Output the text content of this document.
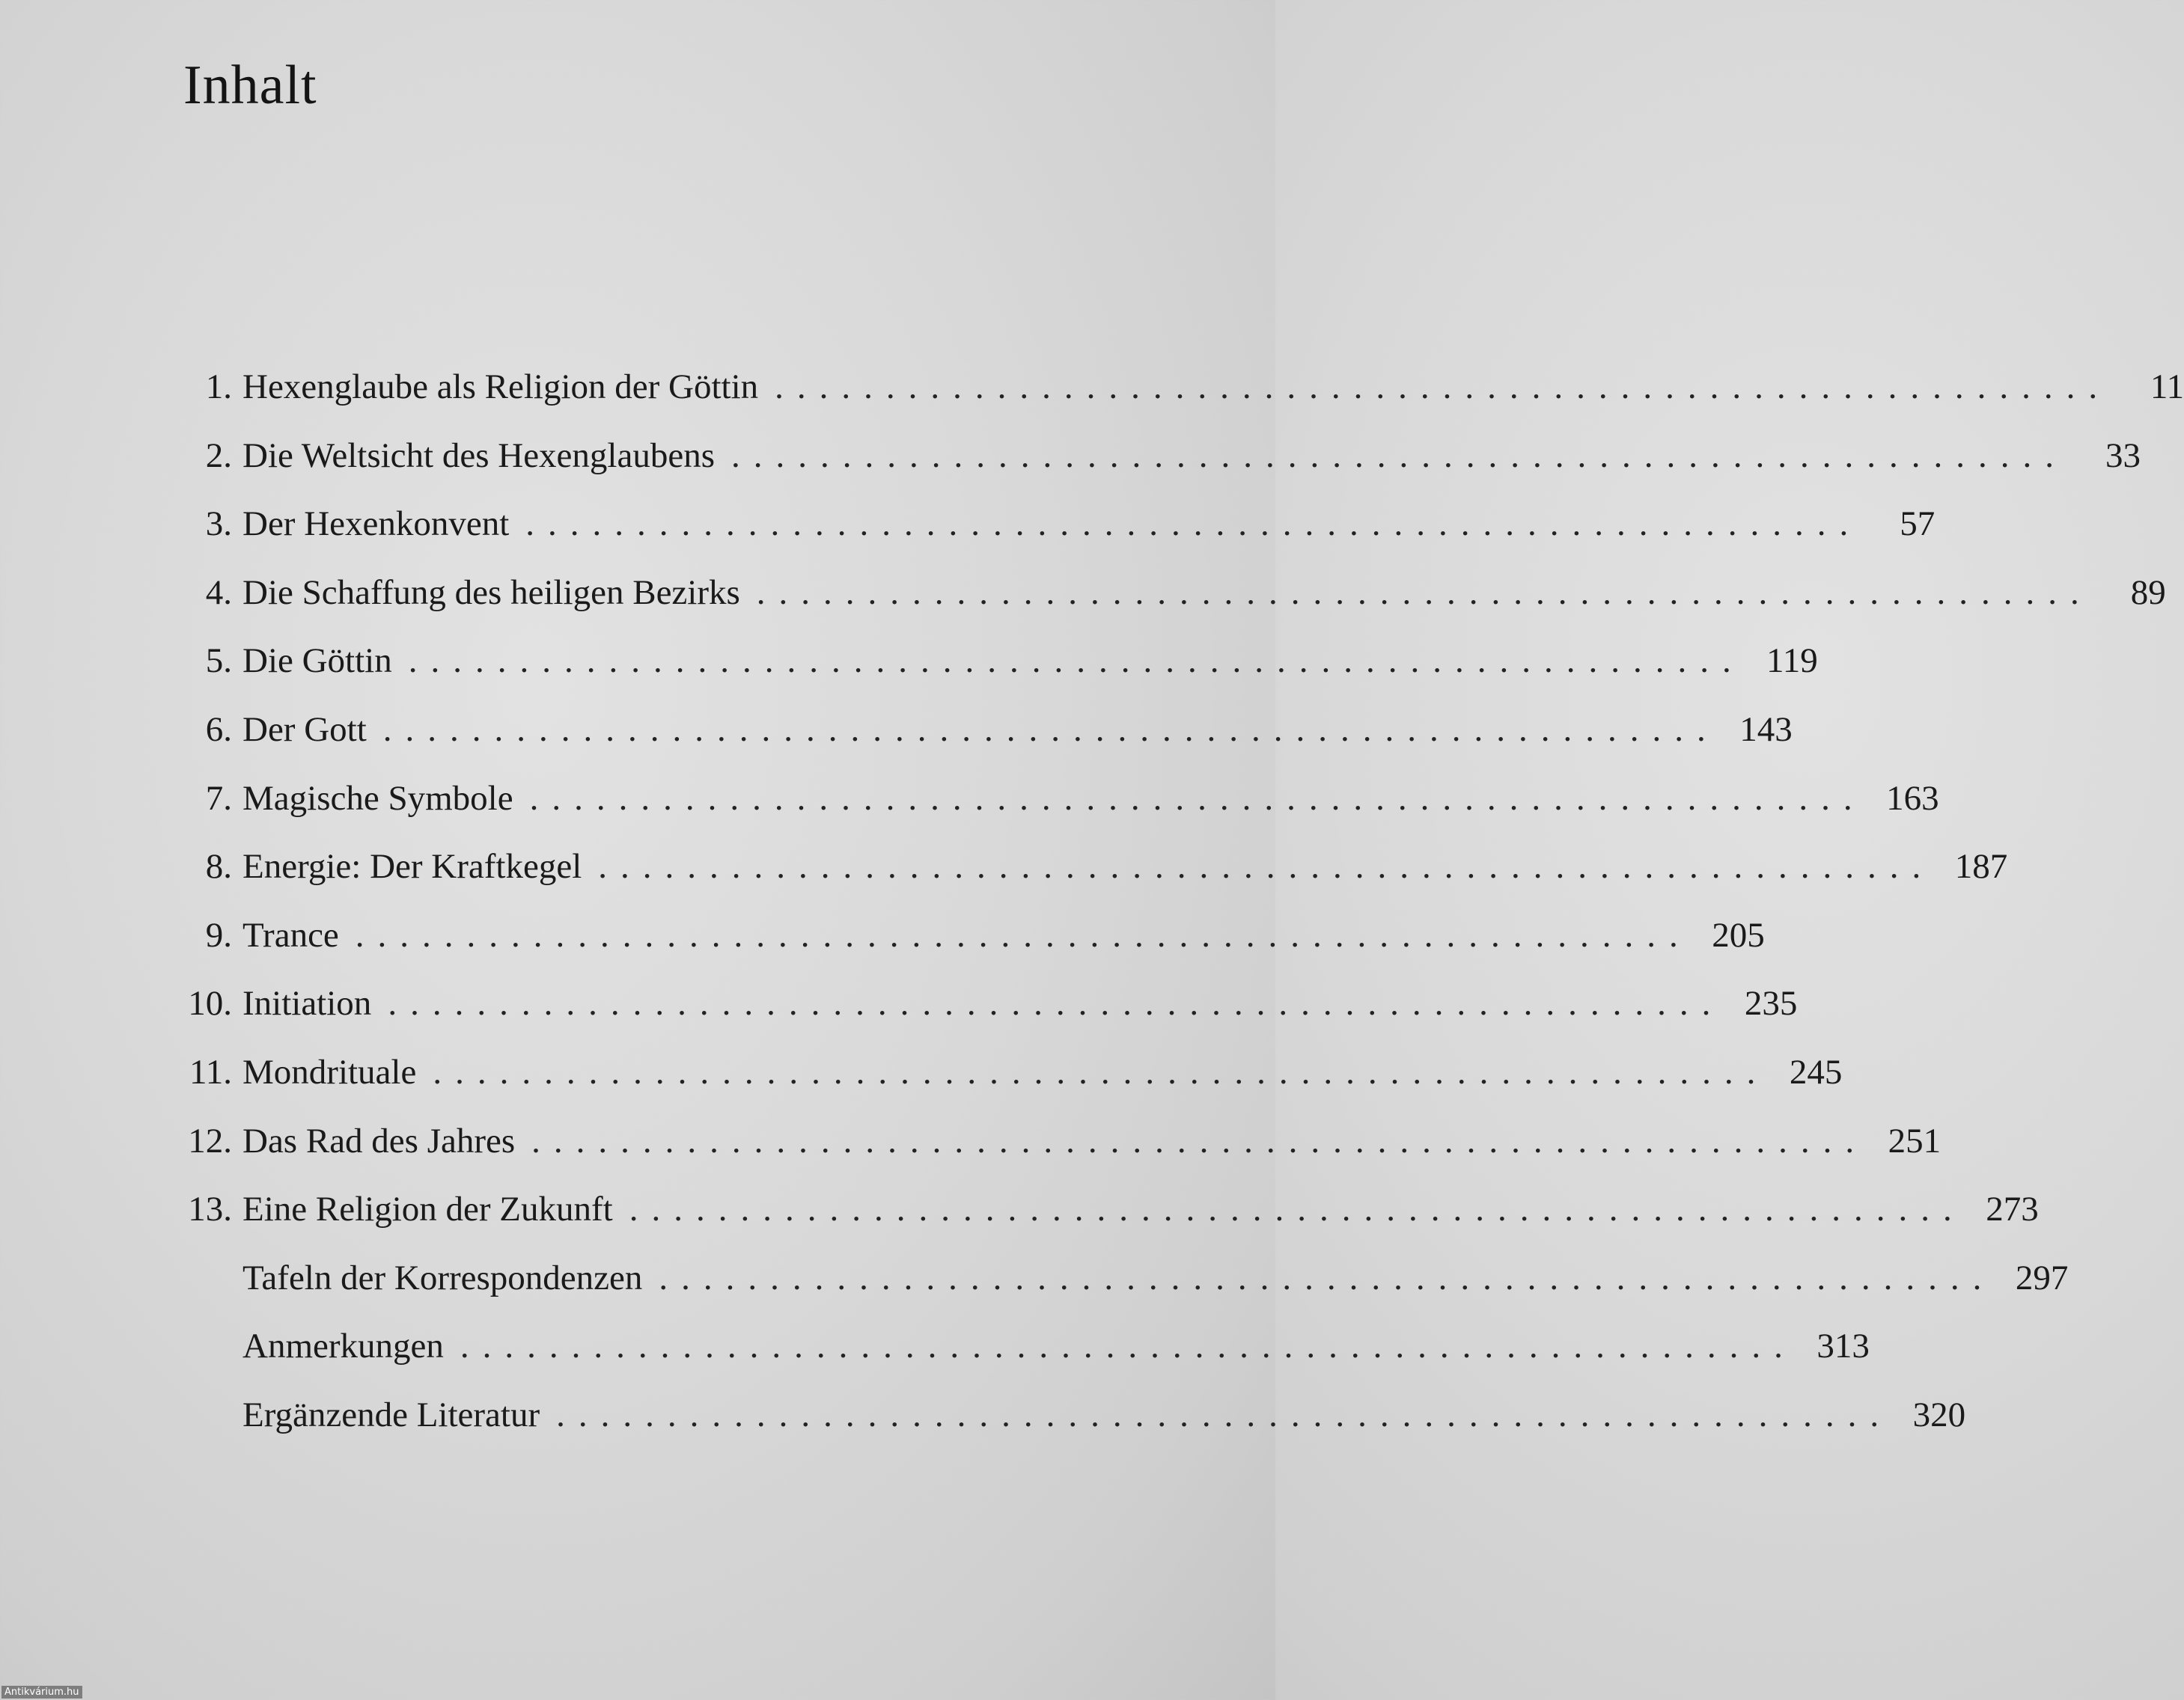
Inhalt
1. Hexenglaube als Religion der Göttin ............................................................	11
2. Die Weltsicht des Hexenglaubens ............................................................	33
3. Der Hexenkonvent ............................................................	57
4. Die Schaffung des heiligen Bezirks ............................................................	89
5. Die Göttin ............................................................ 119
6. Der Gott ............................................................ 143
7. Magische Symbole ............................................................ 163
8. Energie: Der Kraftkegel ............................................................ 187
9. Trance ............................................................ 205
10. Initiation ............................................................ 235
11. Mondrituale ............................................................ 245
12. Das Rad des Jahres ............................................................ 251
13. Eine Religion der Zukunft ............................................................ 273
Tafeln der Korrespondenzen ............................................................ 297
Anmerkungen ............................................................ 313
Ergänzende Literatur ............................................................ 320
Antikvárium.hu
